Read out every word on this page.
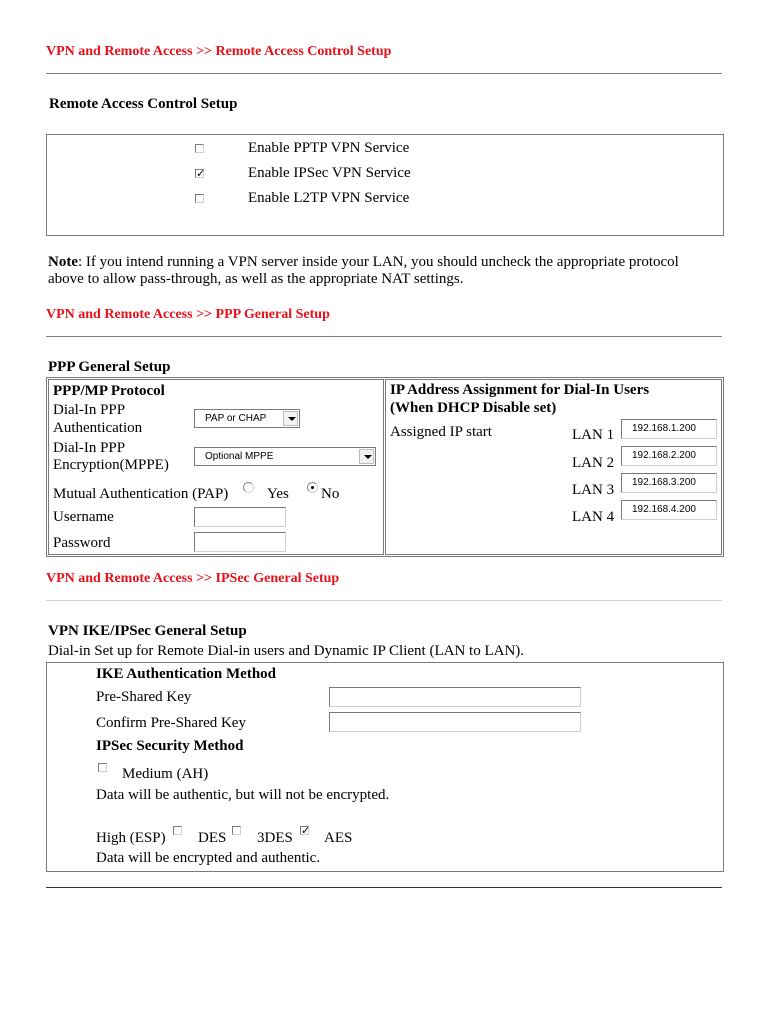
VPN and Remote Access >> Remote Access Control Setup
Remote Access Control Setup
Enable PPTP VPN Service
✓	Enable IPSec VPN Service
Enable L2TP VPN Service
Note: If you intend running a VPN server inside your LAN, you should uncheck the appropriate protocol
above to allow pass-through, as well as the appropriate NAT settings.
VPN and Remote Access >> PPP General Setup
PPP General Setup
PPP/MP Protocol
Dial-In PPP
Authentication
PAP or CHAP
Dial-In PPP
Encryption(MPPE)
Optional MPPE
Mutual Authentication (PAP)	Yes No
Username
Password
IP Address Assignment for Dial-In Users
(When DHCP Disable set)
Assigned IP start	LAN 1	192.168.1.200
LAN 2	192.168.2.200
LAN 3	192.168.3.200
LAN 4	192.168.4.200
VPN and Remote Access >> IPSec General Setup
VPN IKE/IPSec General Setup
Dial-in Set up for Remote Dial-in users and Dynamic IP Client (LAN to LAN).
IKE Authentication Method
Pre-Shared Key
Confirm Pre-Shared Key
IPSec Security Method
Medium (AH)
Data will be authentic, but will not be encrypted.
High (ESP) DES 3DES ✓ AES
Data will be encrypted and authentic.
